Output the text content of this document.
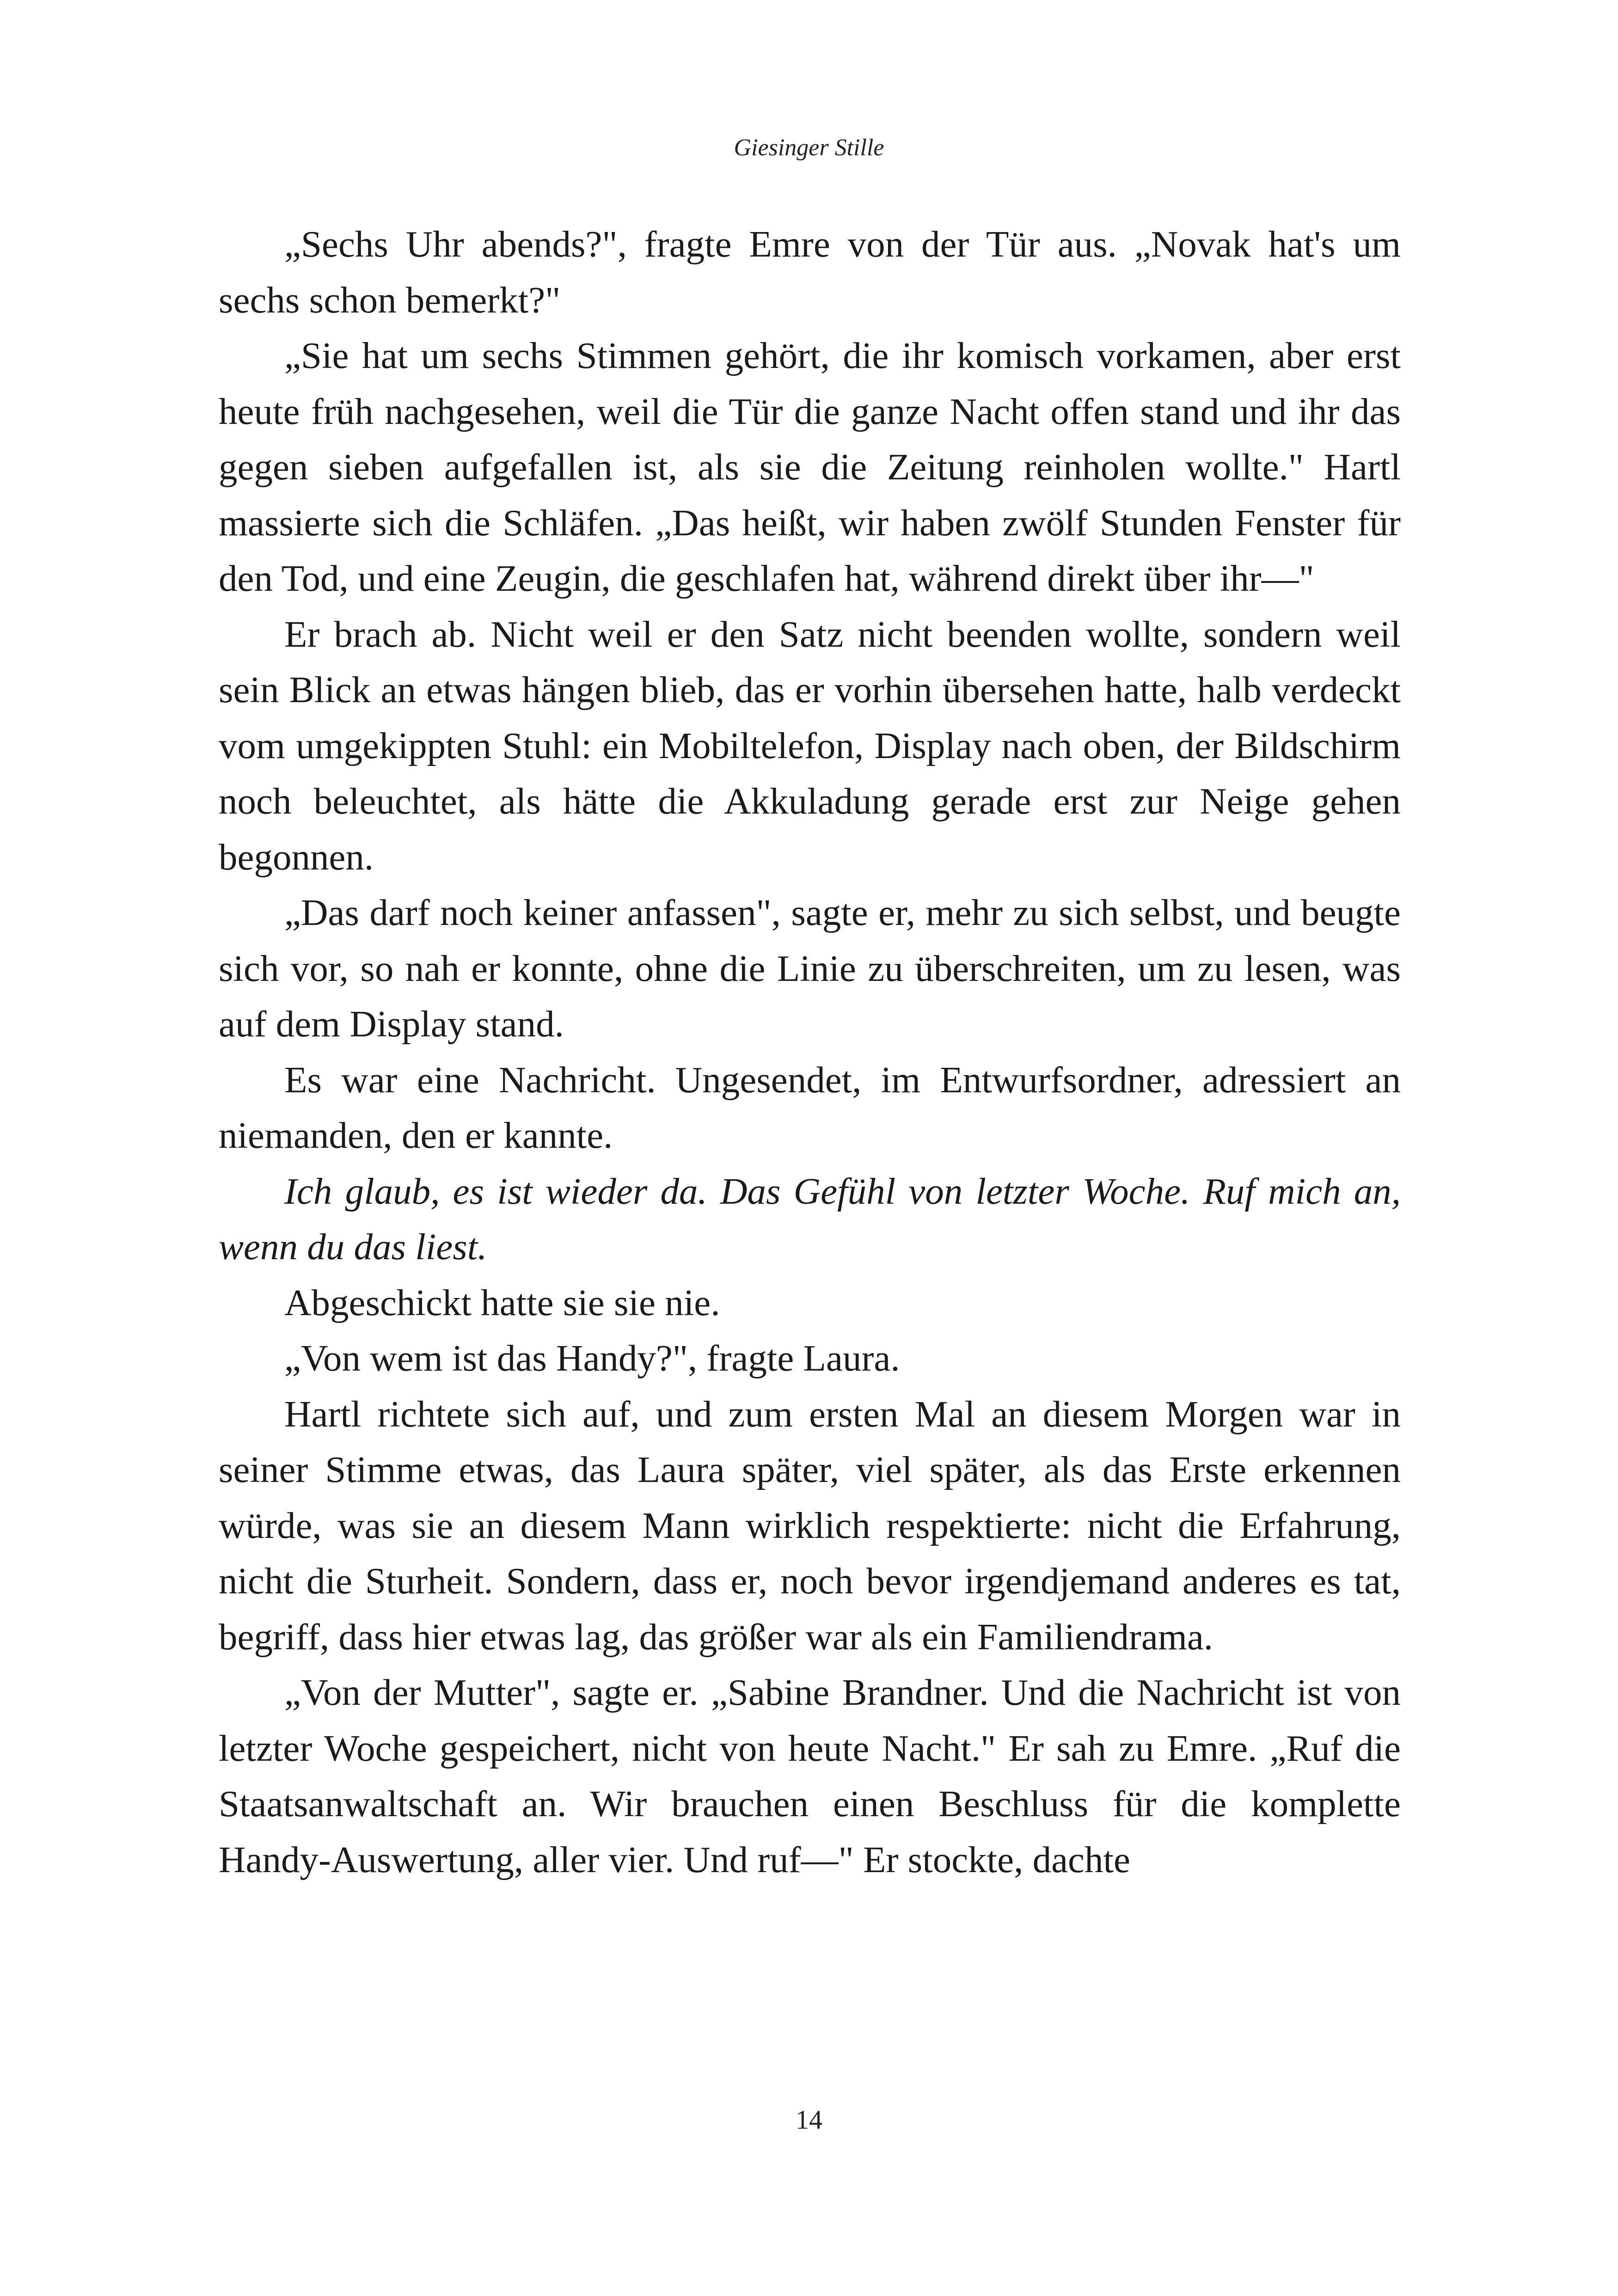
Giesinger Stille

„Sechs Uhr abends?", fragte Emre von der Tür aus. „Novak hat's um sechs schon bemerkt?"

„Sie hat um sechs Stimmen gehört, die ihr komisch vorkamen, aber erst heute früh nachgesehen, weil die Tür die ganze Nacht offen stand und ihr das gegen sieben aufgefallen ist, als sie die Zeitung reinholen wollte." Hartl massierte sich die Schläfen. „Das heißt, wir haben zwölf Stunden Fenster für den Tod, und eine Zeugin, die geschlafen hat, während direkt über ihr—"

Er brach ab. Nicht weil er den Satz nicht beenden wollte, sondern weil sein Blick an etwas hängen blieb, das er vorhin übersehen hatte, halb verdeckt vom umgekippten Stuhl: ein Mobiltelefon, Display nach oben, der Bildschirm noch beleuchtet, als hätte die Akkuladung gerade erst zur Neige gehen begonnen.

„Das darf noch keiner anfassen", sagte er, mehr zu sich selbst, und beugte sich vor, so nah er konnte, ohne die Linie zu überschreiten, um zu lesen, was auf dem Display stand.

Es war eine Nachricht. Ungesendet, im Entwurfsordner, adressiert an niemanden, den er kannte.

Ich glaub, es ist wieder da. Das Gefühl von letzter Woche. Ruf mich an, wenn du das liest.

Abgeschickt hatte sie sie nie.

„Von wem ist das Handy?", fragte Laura.

Hartl richtete sich auf, und zum ersten Mal an diesem Morgen war in seiner Stimme etwas, das Laura später, viel später, als das Erste erkennen würde, was sie an diesem Mann wirklich respektierte: nicht die Erfahrung, nicht die Sturheit. Sondern, dass er, noch bevor irgendjemand anderes es tat, begriff, dass hier etwas lag, das größer war als ein Familiendrama.

„Von der Mutter", sagte er. „Sabine Brandner. Und die Nachricht ist von letzter Woche gespeichert, nicht von heute Nacht." Er sah zu Emre. „Ruf die Staatsanwaltschaft an. Wir brauchen einen Beschluss für die komplette Handy-Auswertung, aller vier. Und ruf—" Er stockte, dachte

14
